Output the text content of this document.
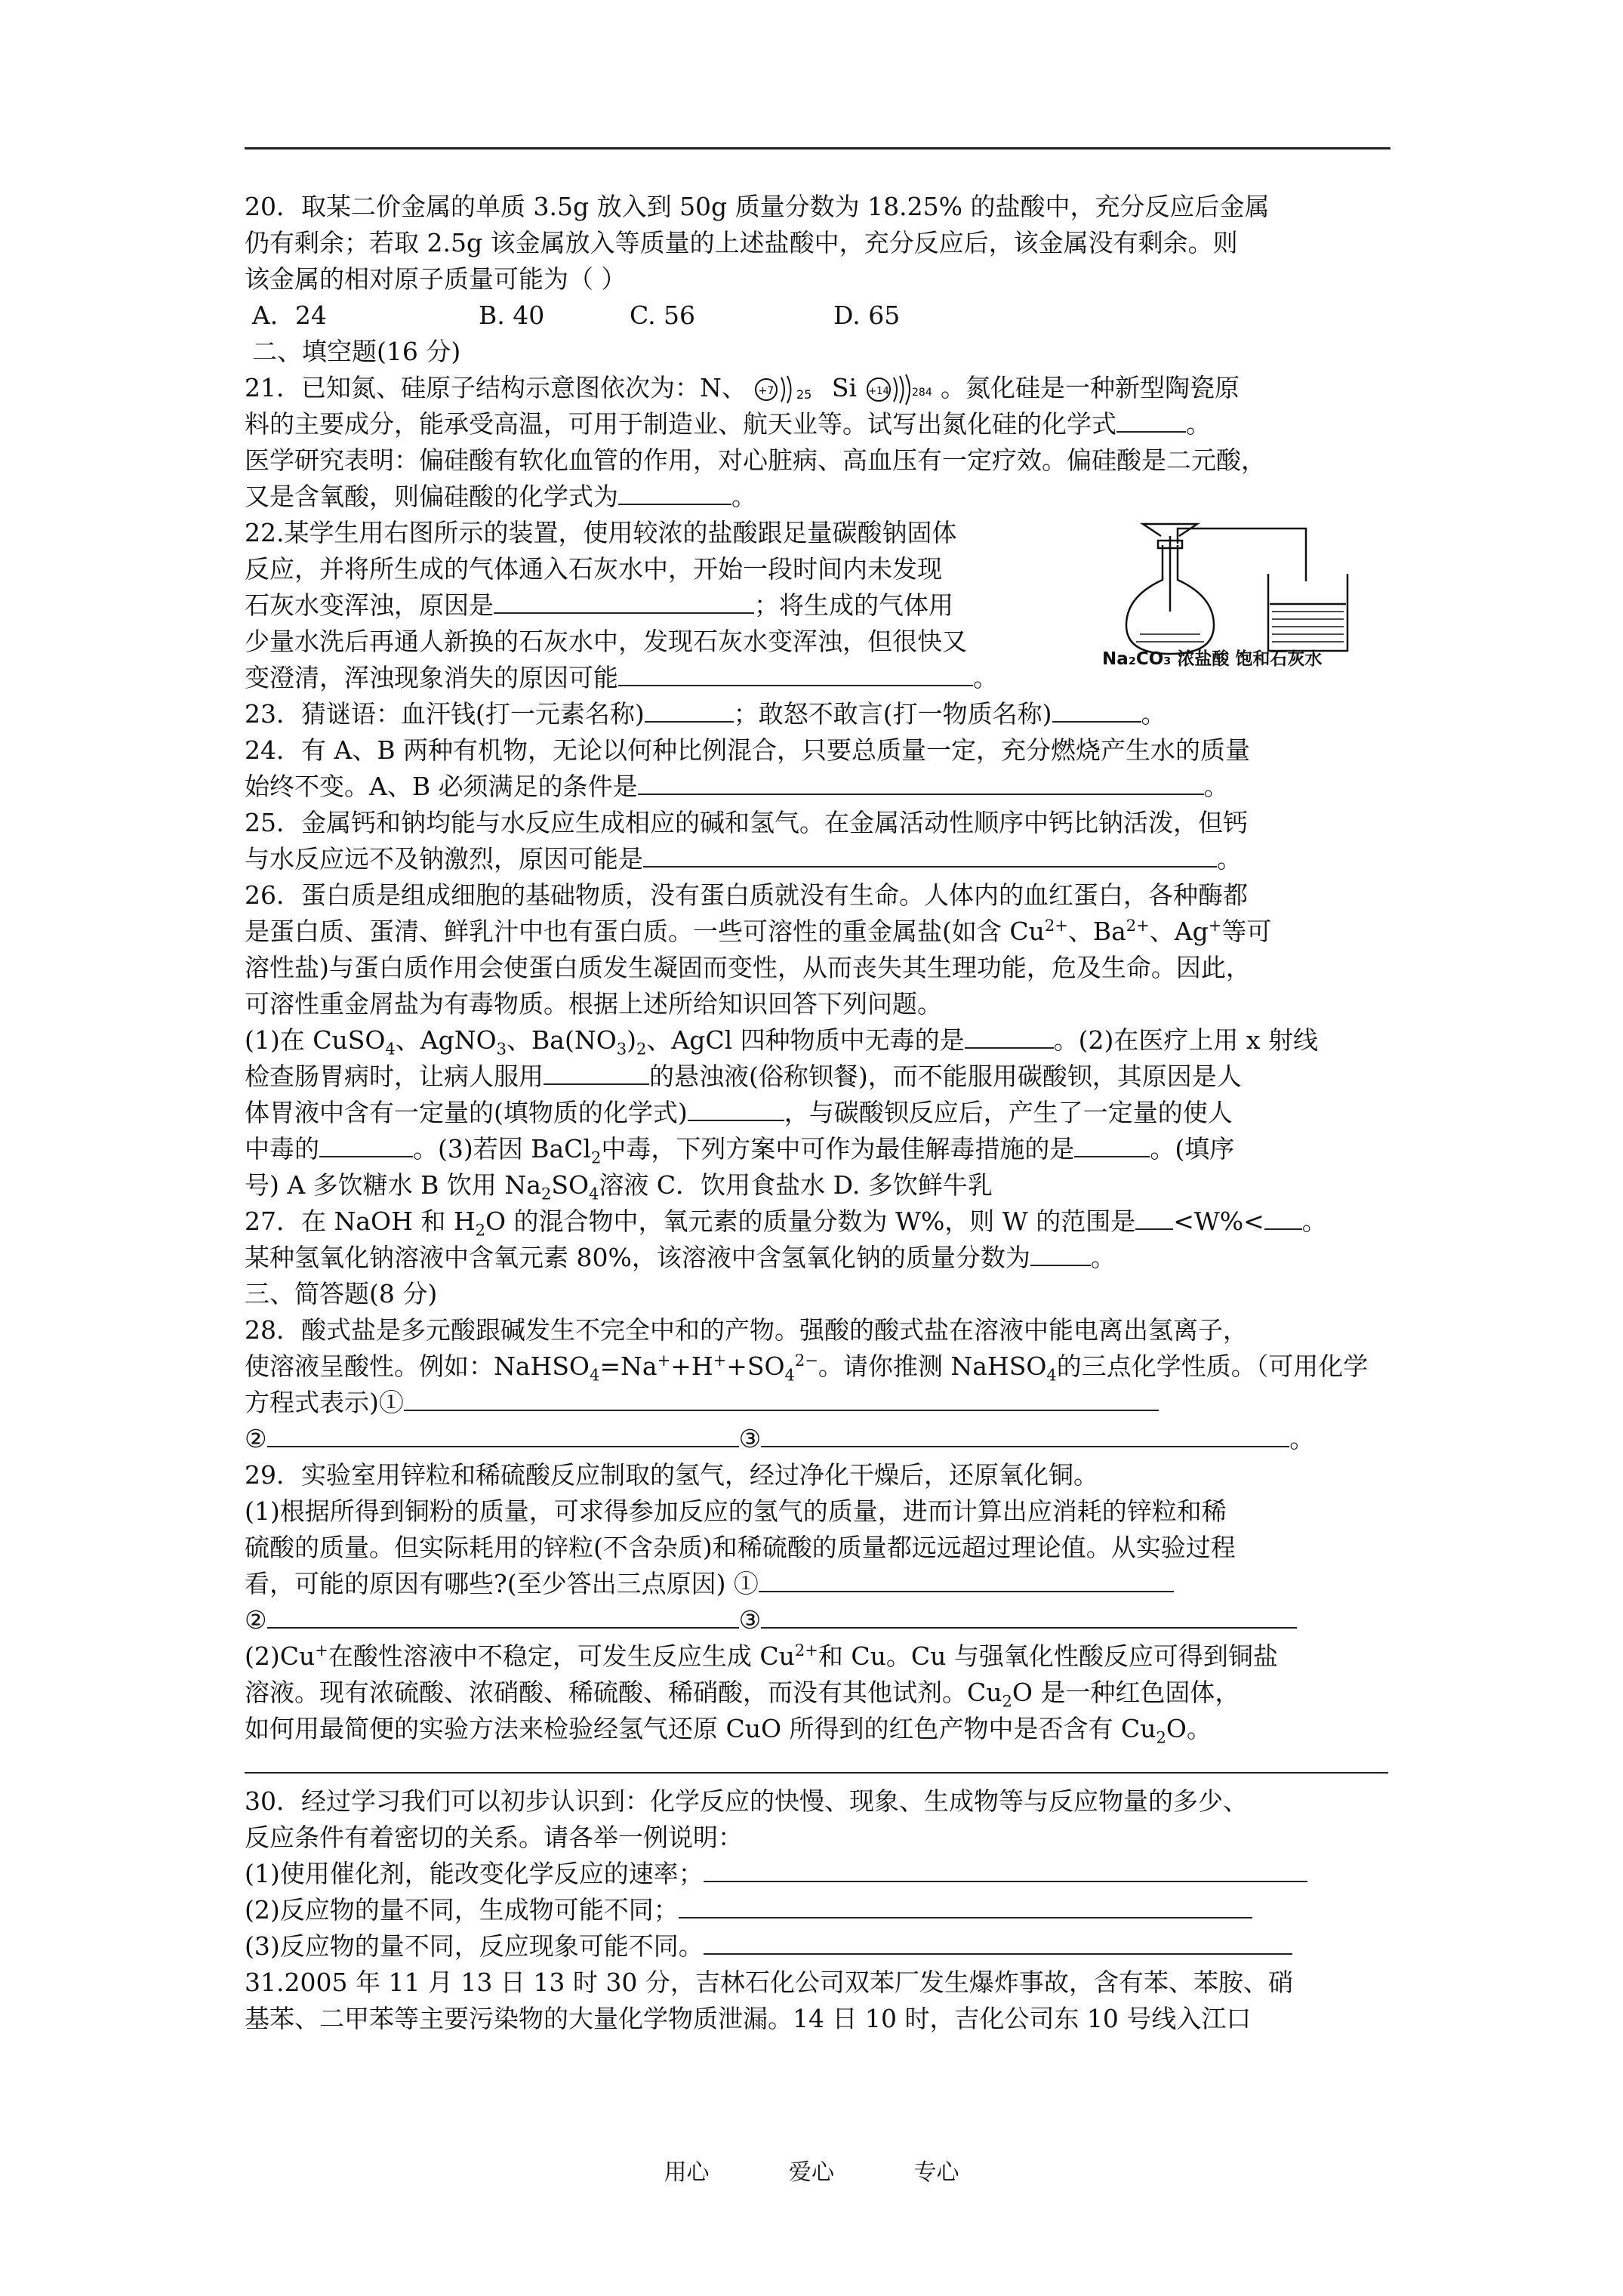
20．取某二价金属的单质 3.5g 放入到 50g 质量分数为 18.25% 的盐酸中，充分反应后金属
仍有剩余；若取 2.5g 该金属放入等质量的上述盐酸中，充分反应后，该金属没有剩余。则
该金属的相对原子质量可能为（ ）
A．24	B. 40	C. 56	D. 65
二、填空题(16 分)
21．已知氮、硅原子结构示意图依次为：N、 +7 25 Si +14 284 。氮化硅是一种新型陶瓷原
料的主要成分，能承受高温，可用于制造业、航天业等。试写出氮化硅的化学式	。
医学研究表明：偏硅酸有软化血管的作用，对心脏病、高血压有一定疗效。偏硅酸是二元酸，
又是含氧酸，则偏硅酸的化学式为	。
22.某学生用右图所示的装置，使用较浓的盐酸跟足量碳酸钠固体
反应，并将所生成的气体通入石灰水中，开始一段时间内未发现
石灰水变浑浊，原因是	；将生成的气体用
少量水洗后再通人新换的石灰水中，发现石灰水变浑浊，但很快又
变澄清，浑浊现象消失的原因可能	。
23．猜谜语：血汗钱(打一元素名称)	；敢怒不敢言(打一物质名称)	。
24．有 A、B 两种有机物，无论以何种比例混合，只要总质量一定，充分燃烧产生水的质量
始终不变。A、B 必须满足的条件是	。
25．金属钙和钠均能与水反应生成相应的碱和氢气。在金属活动性顺序中钙比钠活泼，但钙
与水反应远不及钠激烈，原因可能是	。
26．蛋白质是组成细胞的基础物质，没有蛋白质就没有生命。人体内的血红蛋白，各种酶都
是蛋白质、蛋清、鲜乳汁中也有蛋白质。一些可溶性的重金属盐(如含 $Cu^{2+}$、$Ba^{2+}$、Ag+等可
溶性盐)与蛋白质作用会使蛋白质发生凝固而变性，从而丧失其生理功能，危及生命。因此，
可溶性重金屑盐为有毒物质。根据上述所给知识回答下列问题。
(1)在 CuSO$_4$、AgNO$_3$、$Ba(NO_3)_2$、AgCl 四种物质中无毒的是	。(2)在医疗上用 x 射线
检查肠胃病时，让病人服用	的悬浊液(俗称钡餐)，而不能服用碳酸钡，其原因是人
体胃液中含有一定量的(填物质的化学式)	，与碳酸钡反应后，产生了一定量的使人
中毒的	。(3)若因 BaCl$_2$中毒，下列方案中可作为最佳解毒措施的是	。(填序
号) A 多饮糖水 B 饮用 $Na_2SO_4$溶液 C．饮用食盐水 D. 多饮鲜牛乳
27．在 NaOH 和 $H_2O$ 的混合物中，氧元素的质量分数为 W%，则 W 的范围是 <W%< 。
某种氢氧化钠溶液中含氧元素 80%，该溶液中含氢氧化钠的质量分数为 。
三、简答题(8 分)
28．酸式盐是多元酸跟碱发生不完全中和的产物。强酸的酸式盐在溶液中能电离出氢离子，
使溶液呈酸性。例如：$NaHSO_4=Na^++H^++SO_4^{2-}$。请你推测 NaHSO$_4$的三点化学性质。（可用化学
方程式表示)①
②	③	。
29．实验室用锌粒和稀硫酸反应制取的氢气，经过净化干燥后，还原氧化铜。
(1)根据所得到铜粉的质量，可求得参加反应的氢气的质量，进而计算出应消耗的锌粒和稀
硫酸的质量。但实际耗用的锌粒(不含杂质)和稀硫酸的质量都远远超过理论值。从实验过程
看，可能的原因有哪些?(至少答出三点原因) ①
②	③
(2)Cu+在酸性溶液中不稳定，可发生反应生成 $Cu^{2+}$和 Cu。Cu 与强氧化性酸反应可得到铜盐
溶液。现有浓硫酸、浓硝酸、稀硫酸、稀硝酸，而没有其他试剂。$Cu_2O$ 是一种红色固体，
如何用最简便的实验方法来检验经氢气还原 CuO 所得到的红色产物中是否含有 $Cu_2O$。
30．经过学习我们可以初步认识到：化学反应的快慢、现象、生成物等与反应物量的多少、
反应条件有着密切的关系。请各举一例说明：
(1)使用催化剂，能改变化学反应的速率；
(2)反应物的量不同，生成物可能不同；
(3)反应物的量不同，反应现象可能不同。
31.2005 年 11 月 13 日 13 时 30 分，吉林石化公司双苯厂发生爆炸事故，含有苯、苯胺、硝
基苯、二甲苯等主要污染物的大量化学物质泄漏。14 日 10 时，吉化公司东 10 号线入江口
Na₂CO₃ 浓盐酸 饱和石灰水
用心	爱心	专心
